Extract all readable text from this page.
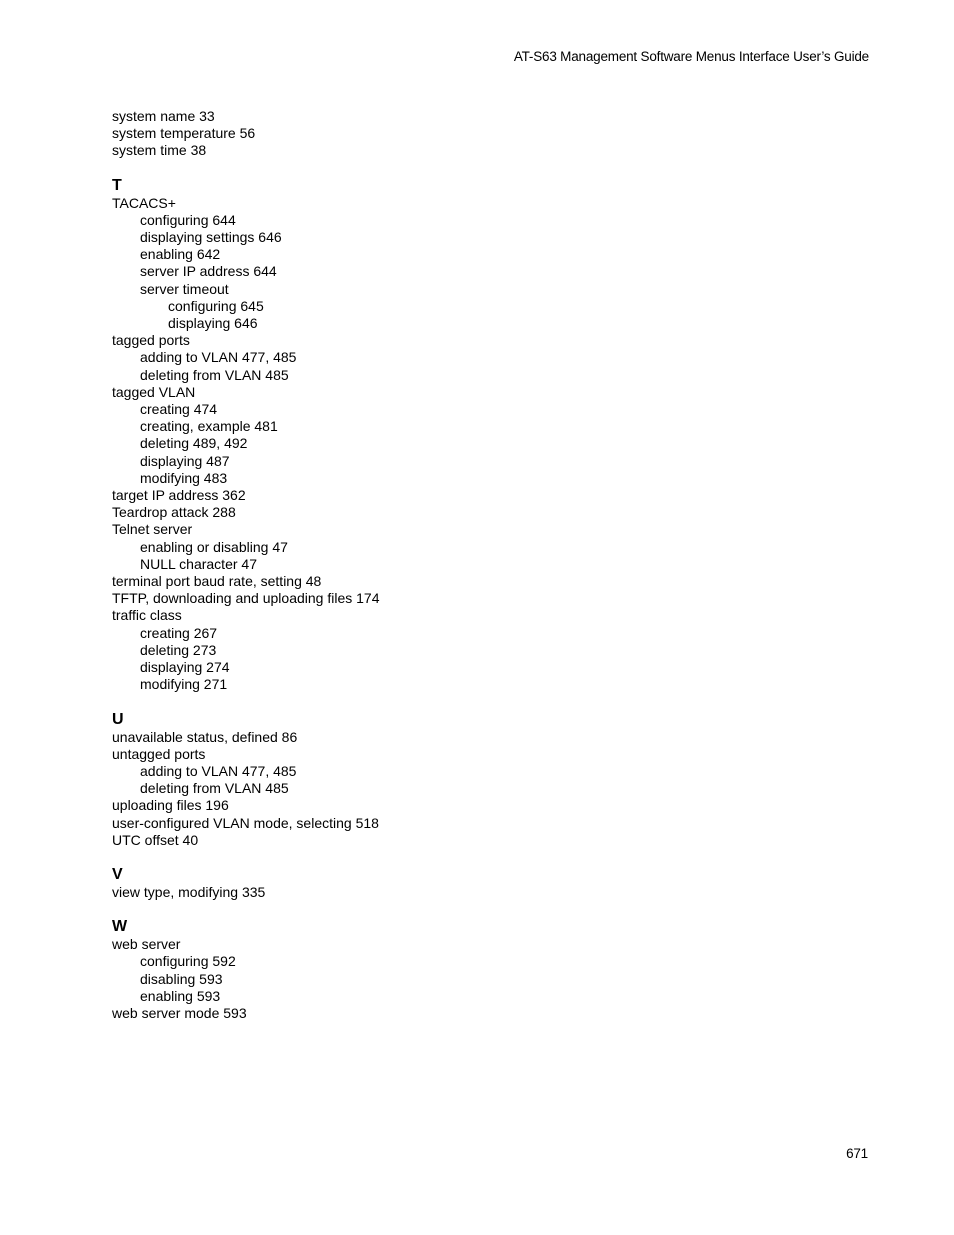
AT-S63 Management Software Menus Interface User’s Guide
system name 33
system temperature 56
system time 38
T
TACACS+
configuring 644
displaying settings 646
enabling 642
server IP address 644
server timeout
configuring 645
displaying 646
tagged ports
adding to VLAN 477, 485
deleting from VLAN 485
tagged VLAN
creating 474
creating, example 481
deleting 489, 492
displaying 487
modifying 483
target IP address 362
Teardrop attack 288
Telnet server
enabling or disabling 47
NULL character 47
terminal port baud rate, setting 48
TFTP, downloading and uploading files 174
traffic class
creating 267
deleting 273
displaying 274
modifying 271
U
unavailable status, defined 86
untagged ports
adding to VLAN 477, 485
deleting from VLAN 485
uploading files 196
user-configured VLAN mode, selecting 518
UTC offset 40
V
view type, modifying 335
W
web server
configuring 592
disabling 593
enabling 593
web server mode 593
671
